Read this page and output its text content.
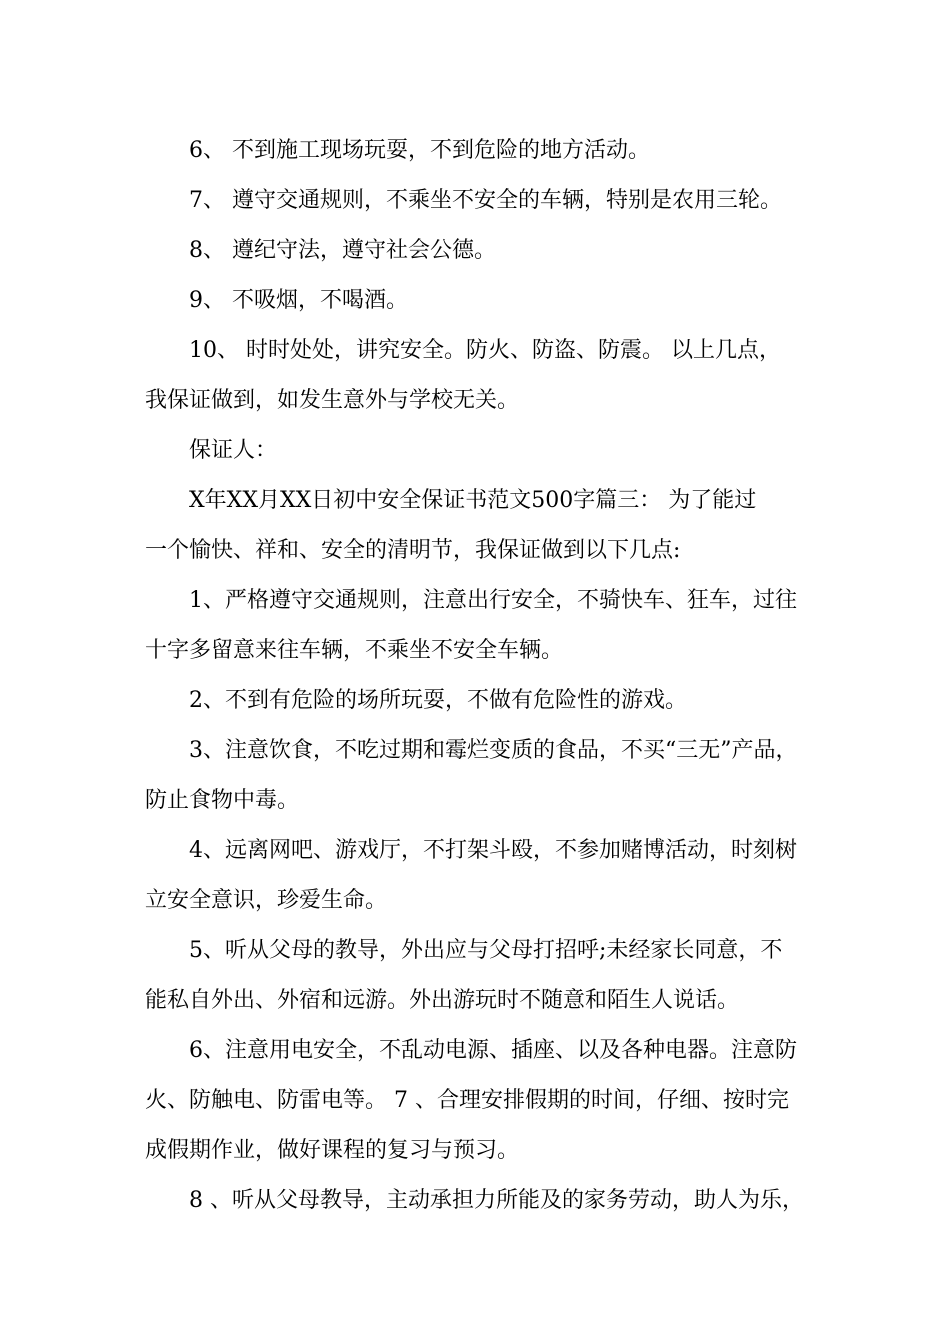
6、 不到施工现场玩耍，不到危险的地方活动。

7、 遵守交通规则，不乘坐不安全的车辆，特别是农用三轮。

8、 遵纪守法，遵守社会公德。

9、 不吸烟，不喝酒。

10、 时时处处，讲究安全。防火、防盗、防震。 以上几点，

我保证做到，如发生意外与学校无关。

保证人：

X年XX月XX日初中安全保证书范文500字篇三： 为了能过

一个愉快、祥和、安全的清明节，我保证做到以下几点:

1、严格遵守交通规则，注意出行安全，不骑快车、狂车，过往

十字多留意来往车辆，不乘坐不安全车辆。

2、不到有危险的场所玩耍，不做有危险性的游戏。

3、注意饮食，不吃过期和霉烂变质的食品，不买“三无”产品，

防止食物中毒。

4、远离网吧、游戏厅，不打架斗殴，不参加赌博活动，时刻树

立安全意识，珍爱生命。

5、听从父母的教导，外出应与父母打招呼;未经家长同意，不

能私自外出、外宿和远游。外出游玩时不随意和陌生人说话。

6、注意用电安全，不乱动电源、插座、以及各种电器。注意防

火、防触电、防雷电等。 7 、合理安排假期的时间，仔细、按时完

成假期作业，做好课程的复习与预习。

8 、听从父母教导，主动承担力所能及的家务劳动，助人为乐，
